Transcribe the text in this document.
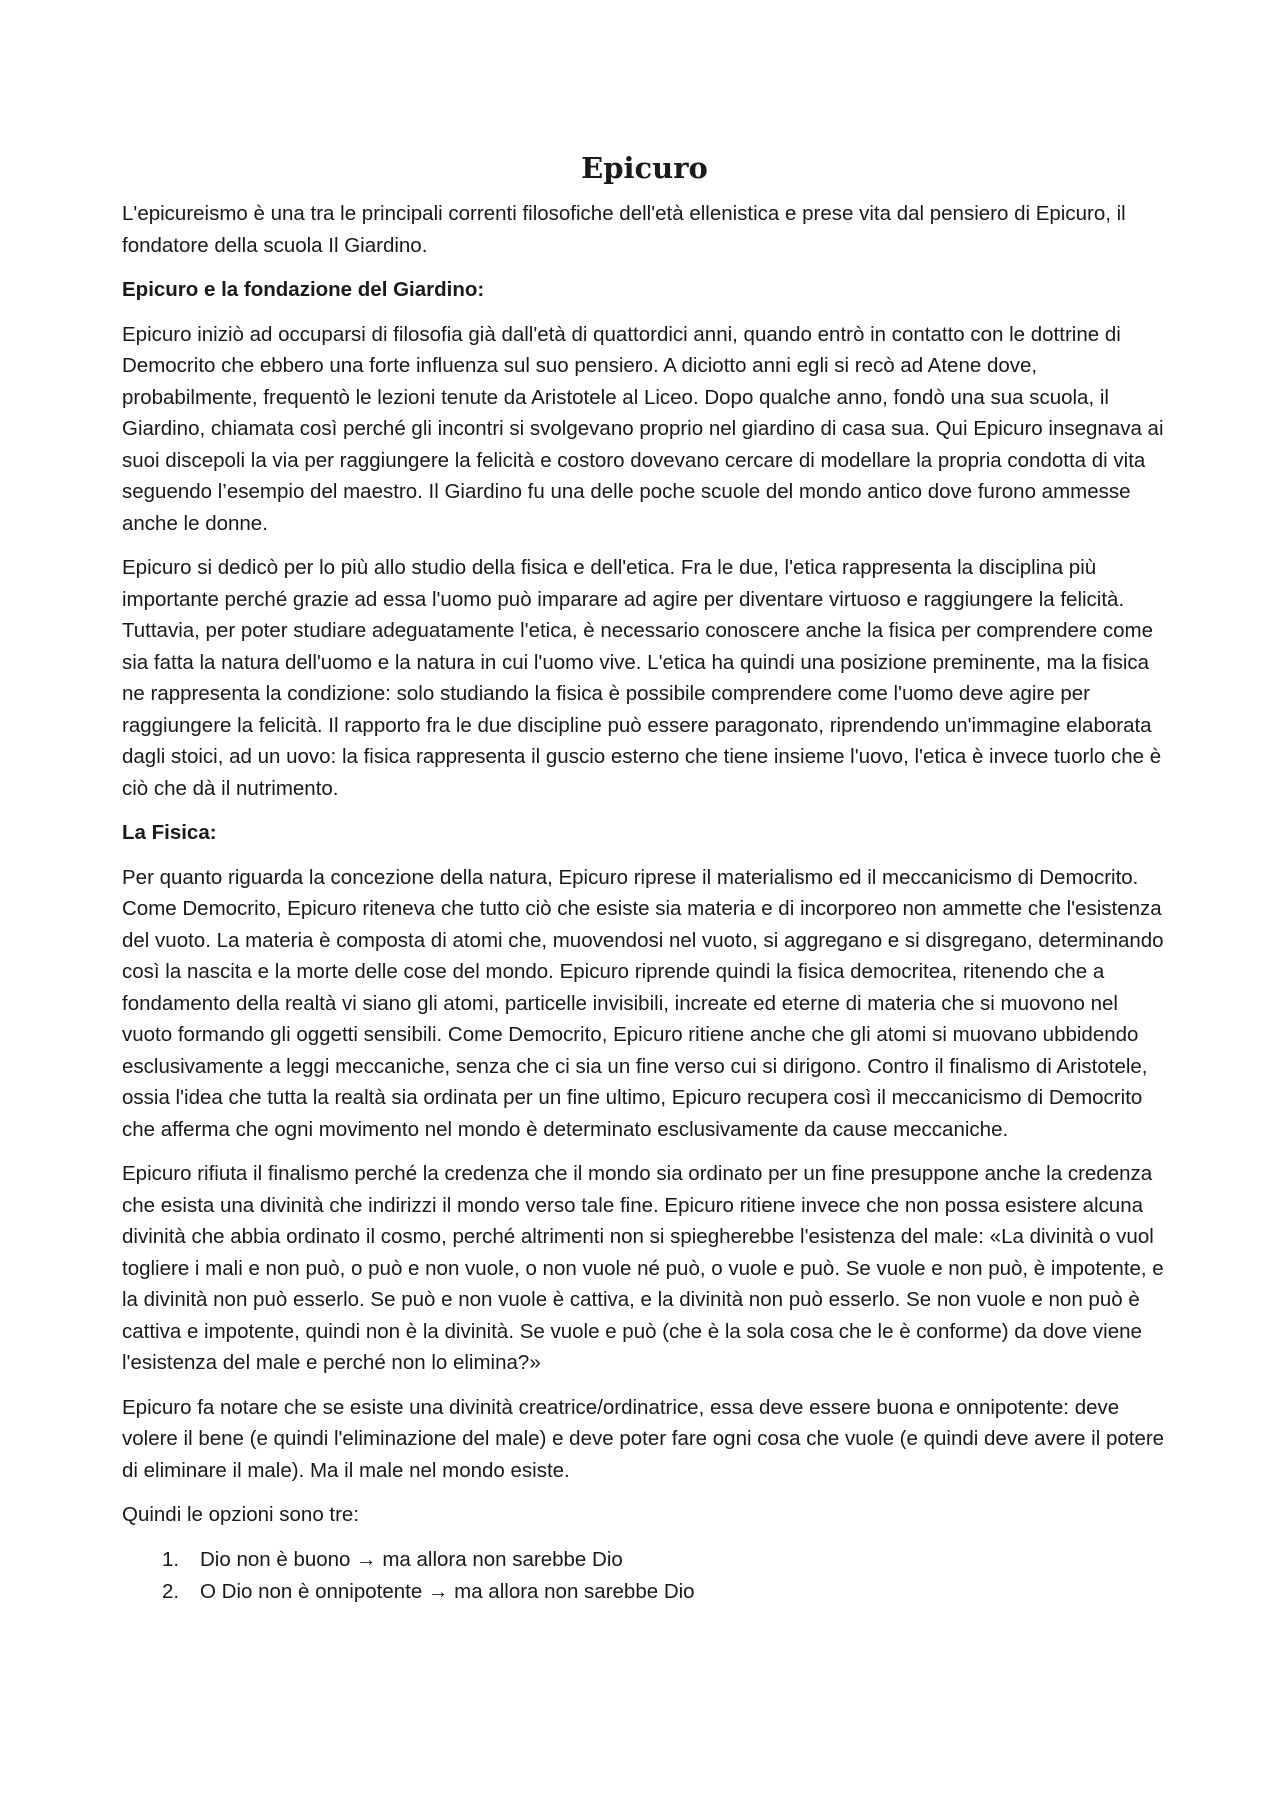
Epicuro

L'epicureismo è una tra le principali correnti filosofiche dell'età ellenistica e prese vita dal pensiero di Epicuro, il fondatore della scuola Il Giardino.

Epicuro e la fondazione del Giardino:

Epicuro iniziò ad occuparsi di filosofia già dall'età di quattordici anni, quando entrò in contatto con le dottrine di Democrito che ebbero una forte influenza sul suo pensiero. A diciotto anni egli si recò ad Atene dove, probabilmente, frequentò le lezioni tenute da Aristotele al Liceo. Dopo qualche anno, fondò una sua scuola, il Giardino, chiamata così perché gli incontri si svolgevano proprio nel giardino di casa sua. Qui Epicuro insegnava ai suoi discepoli la via per raggiungere la felicità e costoro dovevano cercare di modellare la propria condotta di vita seguendo l’esempio del maestro. Il Giardino fu una delle poche scuole del mondo antico dove furono ammesse anche le donne.

Epicuro si dedicò per lo più allo studio della fisica e dell'etica. Fra le due, l'etica rappresenta la disciplina più importante perché grazie ad essa l'uomo può imparare ad agire per diventare virtuoso e raggiungere la felicità. Tuttavia, per poter studiare adeguatamente l'etica, è necessario conoscere anche la fisica per comprendere come sia fatta la natura dell'uomo e la natura in cui l'uomo vive. L'etica ha quindi una posizione preminente, ma la fisica ne rappresenta la condizione: solo studiando la fisica è possibile comprendere come l'uomo deve agire per raggiungere la felicità. Il rapporto fra le due discipline può essere paragonato, riprendendo un'immagine elaborata dagli stoici, ad un uovo: la fisica rappresenta il guscio esterno che tiene insieme l'uovo, l'etica è invece tuorlo che è ciò che dà il nutrimento.

La Fisica:

Per quanto riguarda la concezione della natura, Epicuro riprese il materialismo ed il meccanicismo di Democrito. Come Democrito, Epicuro riteneva che tutto ciò che esiste sia materia e di incorporeo non ammette che l'esistenza del vuoto. La materia è composta di atomi che, muovendosi nel vuoto, si aggregano e si disgregano, determinando così la nascita e la morte delle cose del mondo. Epicuro riprende quindi la fisica democritea, ritenendo che a fondamento della realtà vi siano gli atomi, particelle invisibili, increate ed eterne di materia che si muovono nel vuoto formando gli oggetti sensibili. Come Democrito, Epicuro ritiene anche che gli atomi si muovano ubbidendo esclusivamente a leggi meccaniche, senza che ci sia un fine verso cui si dirigono. Contro il finalismo di Aristotele, ossia l'idea che tutta la realtà sia ordinata per un fine ultimo, Epicuro recupera così il meccanicismo di Democrito che afferma che ogni movimento nel mondo è determinato esclusivamente da cause meccaniche.

Epicuro rifiuta il finalismo perché la credenza che il mondo sia ordinato per un fine presuppone anche la credenza che esista una divinità che indirizzi il mondo verso tale fine. Epicuro ritiene invece che non possa esistere alcuna divinità che abbia ordinato il cosmo, perché altrimenti non si spiegherebbe l'esistenza del male: «La divinità o vuol togliere i mali e non può, o può e non vuole, o non vuole né può, o vuole e può. Se vuole e non può, è impotente, e la divinità non può esserlo. Se può e non vuole è cattiva, e la divinità non può esserlo. Se non vuole e non può è cattiva e impotente, quindi non è la divinità. Se vuole e può (che è la sola cosa che le è conforme) da dove viene l'esistenza del male e perché non lo elimina?»

Epicuro fa notare che se esiste una divinità creatrice/ordinatrice, essa deve essere buona e onnipotente: deve volere il bene (e quindi l'eliminazione del male) e deve poter fare ogni cosa che vuole (e quindi deve avere il potere di eliminare il male). Ma il male nel mondo esiste.

Quindi le opzioni sono tre:

1. Dio non è buono → ma allora non sarebbe Dio
2. O Dio non è onnipotente → ma allora non sarebbe Dio
